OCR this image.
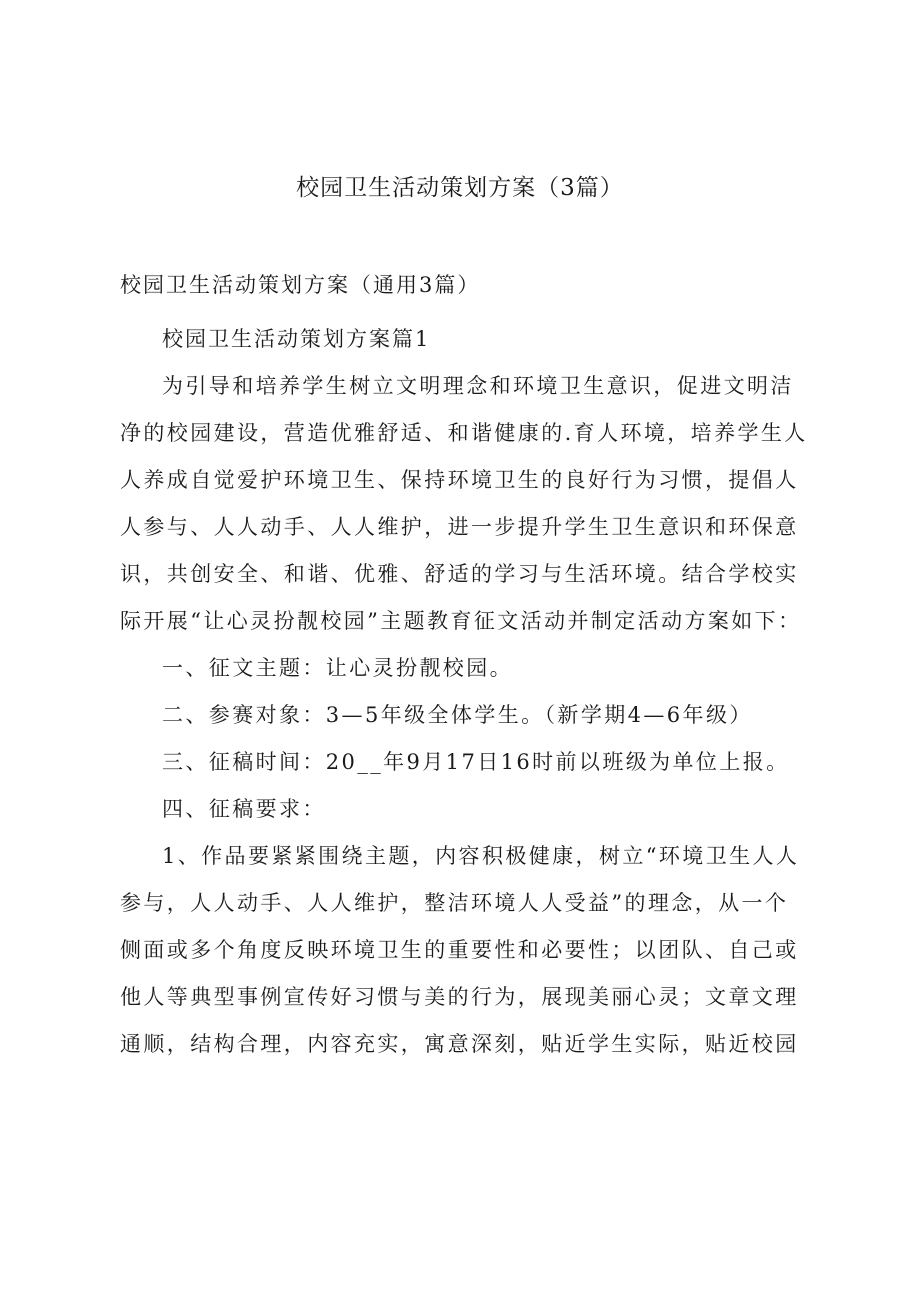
校园卫生活动策划方案（3篇）
校园卫生活动策划方案（通用3篇）

校园卫生活动策划方案篇1

为引导和培养学生树立文明理念和环境卫生意识，促进文明洁净的校园建设，营造优雅舒适、和谐健康的.育人环境，培养学生人人养成自觉爱护环境卫生、保持环境卫生的良好行为习惯，提倡人人参与、人人动手、人人维护，进一步提升学生卫生意识和环保意识，共创安全、和谐、优雅、舒适的学习与生活环境。结合学校实际开展“让心灵扮靓校园”主题教育征文活动并制定活动方案如下：

一、征文主题：让心灵扮靓校园。

二、参赛对象：3—5年级全体学生。（新学期4—6年级）

三、征稿时间：20__年9月17日16时前以班级为单位上报。

四、征稿要求：

1、作品要紧紧围绕主题，内容积极健康，树立“环境卫生人人参与，人人动手、人人维护，整洁环境人人受益”的理念，从一个侧面或多个角度反映环境卫生的重要性和必要性；以团队、自己或他人等典型事例宣传好习惯与美的行为，展现美丽心灵；文章文理通顺，结构合理，内容充实，寓意深刻，贴近学生实际，贴近校园
